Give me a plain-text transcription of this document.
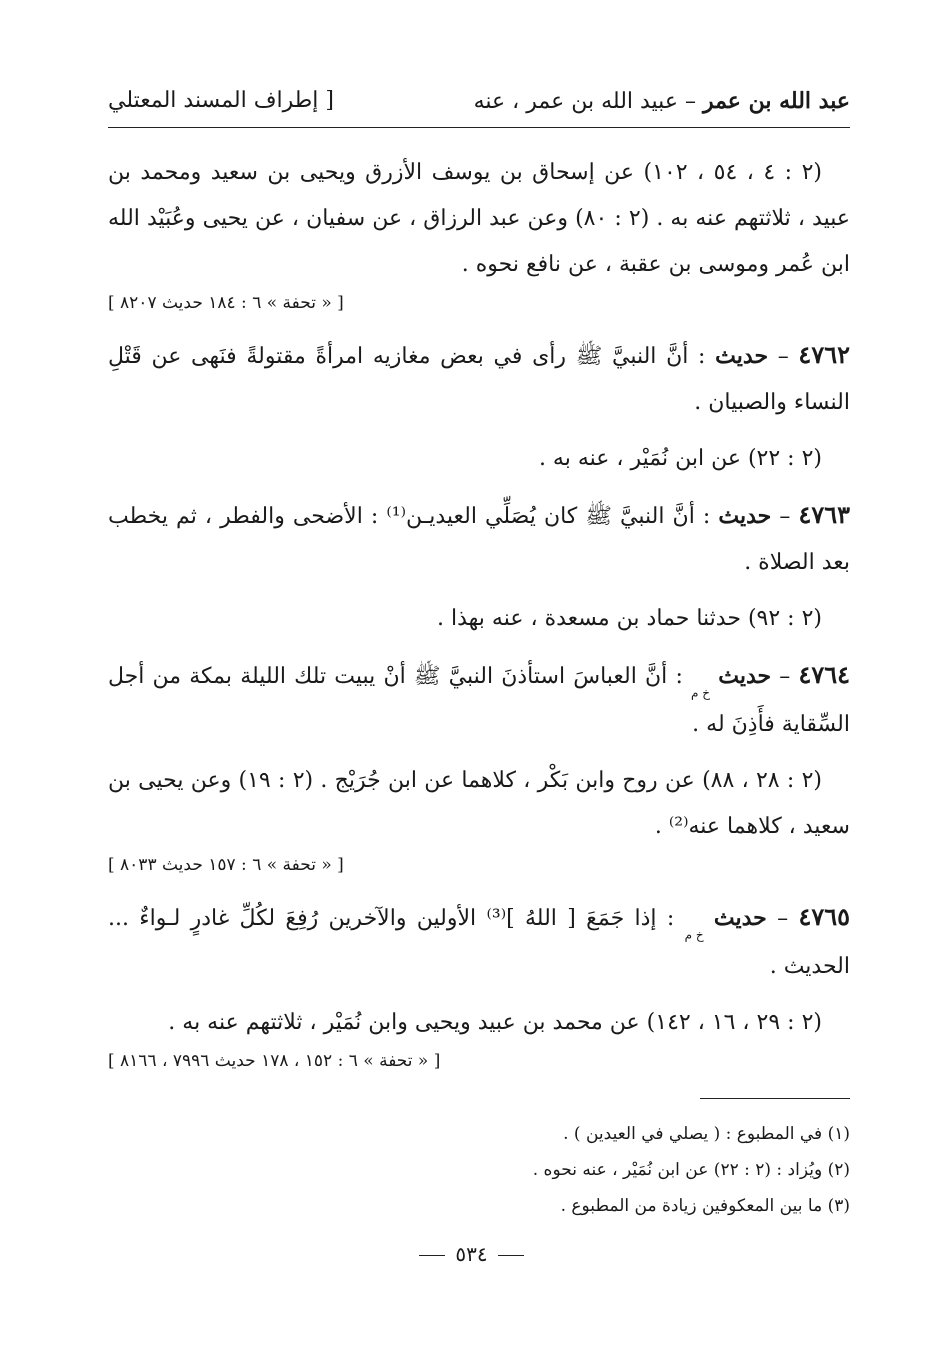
عبد الله بن عمر – عبيد الله بن عمر ، عنه
[ إطراف المسند المعتلي

(٢ : ٤ ، ٥٤ ، ١٠٢) عن إسحاق بن يوسف الأزرق ويحيى بن سعيد ومحمد بن عبيد ، ثلاثتهم عنه به . (٢ : ٨٠) وعن عبد الرزاق ، عن سفيان ، عن يحيى وعُبَيْد الله ابن عُمر وموسى بن عقبة ، عن نافع نحوه .

[ « تحفة » ٦ : ١٨٤ حديث ٨٢٠٧ ]

٤٧٦٢ – حديث : أنَّ النبيَّ ﷺ رأى في بعض مغازيه امرأةً مقتولةً فنَهى عن قَتْلِ النساء والصبيان .

(٢ : ٢٢) عن ابن نُمَيْر ، عنه به .

٤٧٦٣ – حديث : أنَّ النبيَّ ﷺ كان يُصَلِّي العيديـن⁽¹⁾ : الأضحى والفطر ، ثم يخطب بعد الصلاة .

(٢ : ٩٢) حدثنا حماد بن مسعدة ، عنه بهذا .

٤٧٦٤ – حديث خ م : أنَّ العباسَ استأذنَ النبيَّ ﷺ أنْ يبيت تلك الليلة بمكة من أجل السِّقاية فأَذِنَ له .

(٢ : ٢٨ ، ٨٨) عن روح وابن بَكْر ، كلاهما عن ابن جُرَيْج . (٢ : ١٩) وعن يحيى بن سعيد ، كلاهما عنه⁽²⁾ .

[ « تحفة » ٦ : ١٥٧ حديث ٨٠٣٣ ]

٤٧٦٥ – حديث خ م : إذا جَمَعَ [ اللهُ ]⁽³⁾ الأولين والآخرين رُفِعَ لكُلِّ غادرٍ لـواءٌ ... الحديث .

(٢ : ٢٩ ، ١٦ ، ١٤٢) عن محمد بن عبيد ويحيى وابن نُمَيْر ، ثلاثتهم عنه به .

[ « تحفة » ٦ : ١٥٢ ، ١٧٨ حديث ٧٩٩٦ ، ٨١٦٦ ]
(١) في المطبوع : ( يصلي في العيدين ) .
(٢) ويُزاد : (٢ : ٢٢) عن ابن نُمَيْر ، عنه نحوه .
(٣) ما بين المعكوفين زيادة من المطبوع .
٥٣٤
